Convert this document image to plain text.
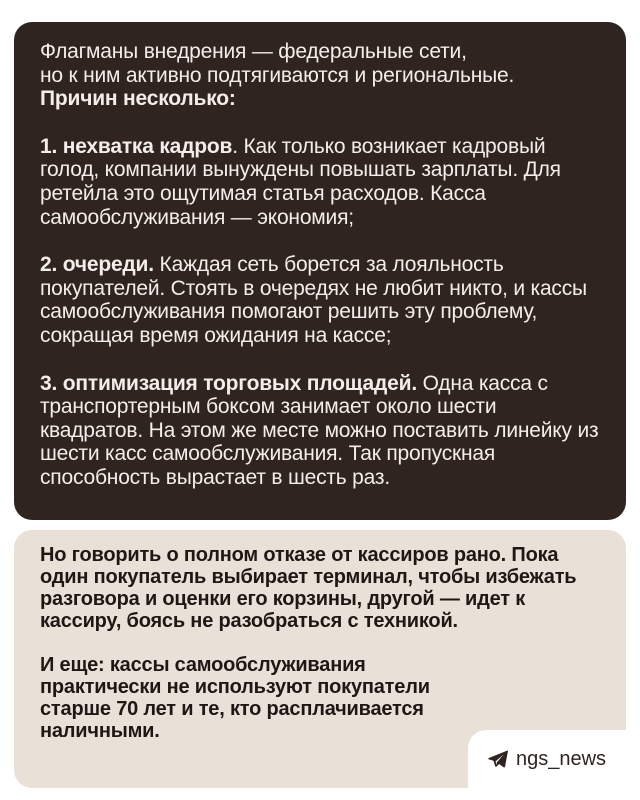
Флагманы внедрения — федеральные сети,
но к ним активно подтягиваются и региональные.
Причин несколько:

1. нехватка кадров. Как только возникает кадровый голод, компании вынуждены повышать зарплаты. Для ретейла это ощутимая статья расходов. Касса самообслуживания — экономия;

2. очереди. Каждая сеть борется за лояльность покупателей. Стоять в очередях не любит никто, и кассы самообслуживания помогают решить эту проблему, сокращая время ожидания на кассе;

3. оптимизация торговых площадей. Одна касса с транспортерным боксом занимает около шести квадратов. На этом же месте можно поставить линейку из шести касс самообслуживания. Так пропускная способность вырастает в шесть раз.

Но говорить о полном отказе от кассиров рано. Пока один покупатель выбирает терминал, чтобы избежать разговора и оценки его корзины, другой — идет к кассиру, боясь не разобраться с техникой.

И еще: кассы самообслуживания практически не используют покупатели старше 70 лет и те, кто расплачивается наличными.

ngs_news
